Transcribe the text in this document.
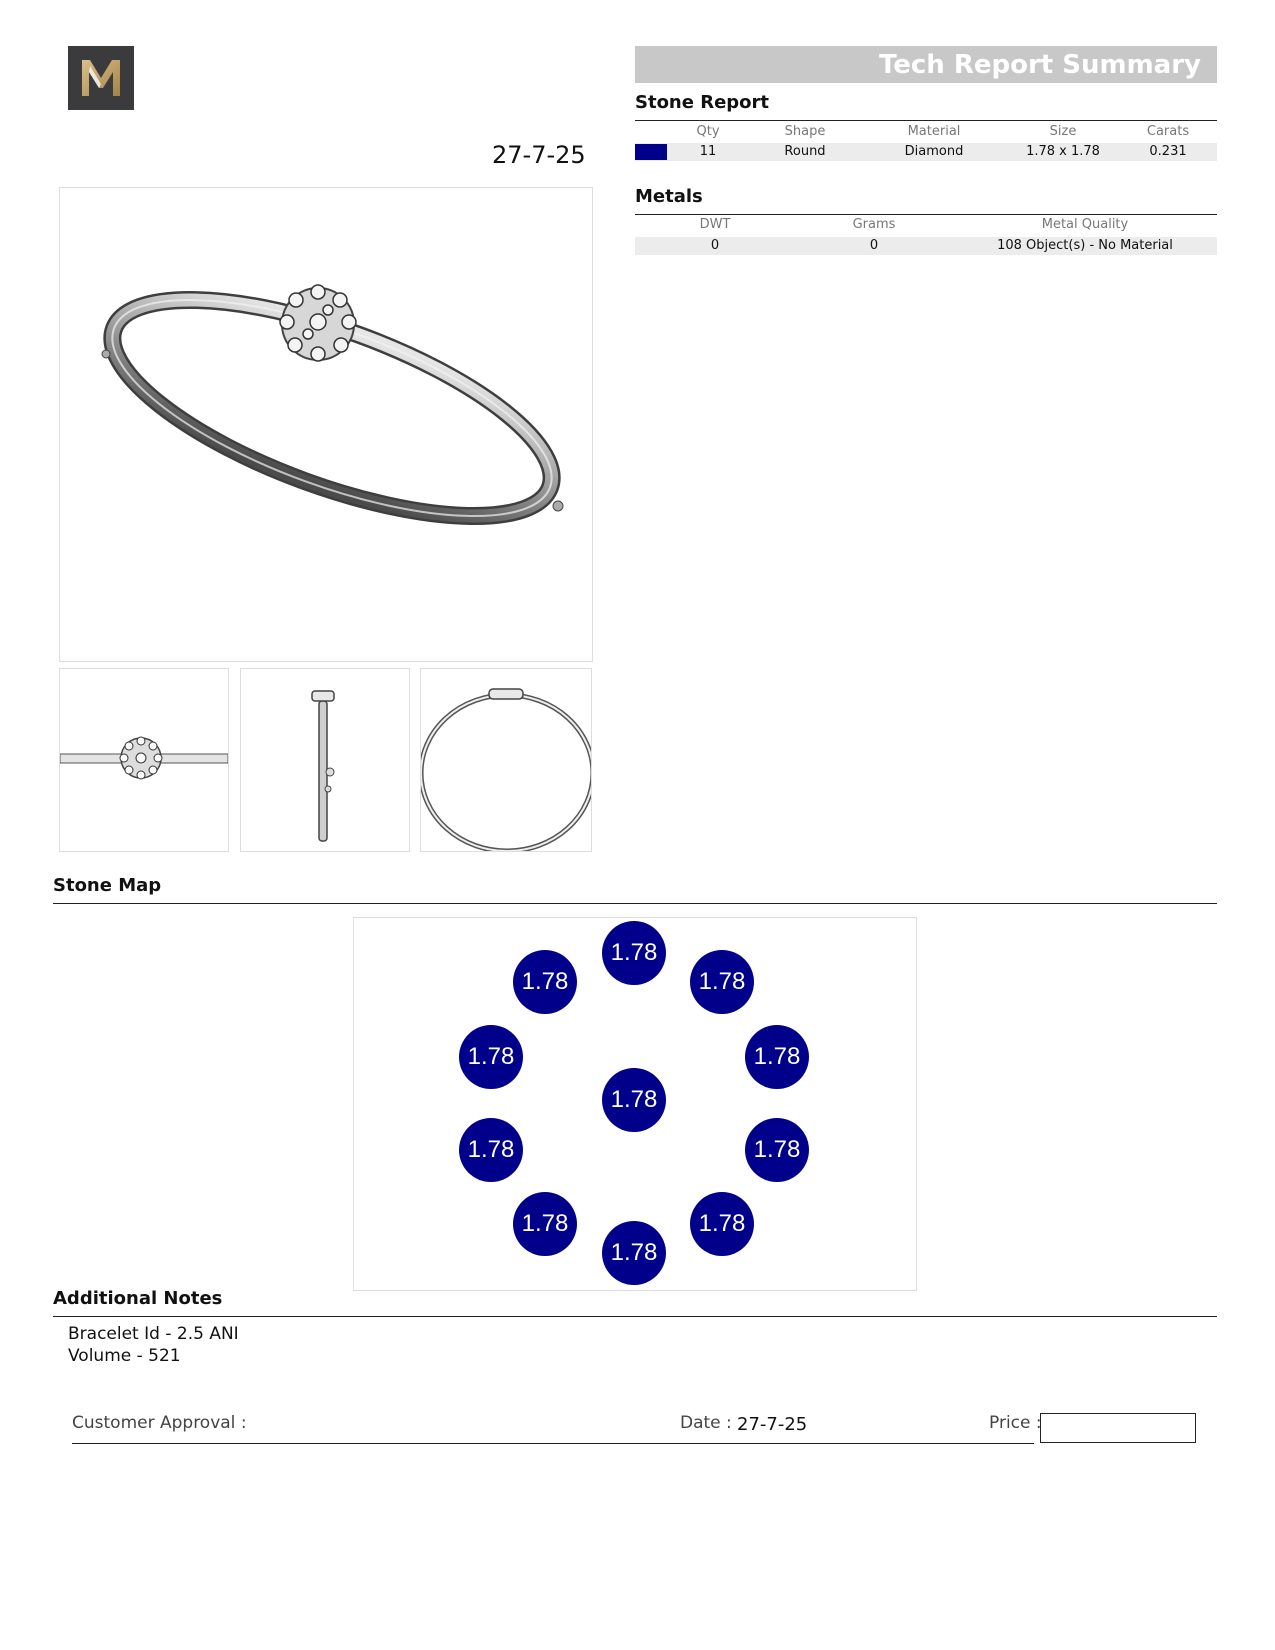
27-7-25
Tech Report Summary
Stone Report
Qty	Shape	Material	Size	Carats
11	Round	Diamond	1.78 x 1.78	0.231
Metals
DWT	Grams	Metal Quality
0	0	108 Object(s) - No Material
Stone Map
1.78
1.78	1.78
1.78	1.78
1.78
1.78	1.78
1.78	1.78
1.78
Additional Notes
Bracelet Id - 2.5 ANI
Volume - 521
Customer Approval :	Date : 27-7-25	Price :
